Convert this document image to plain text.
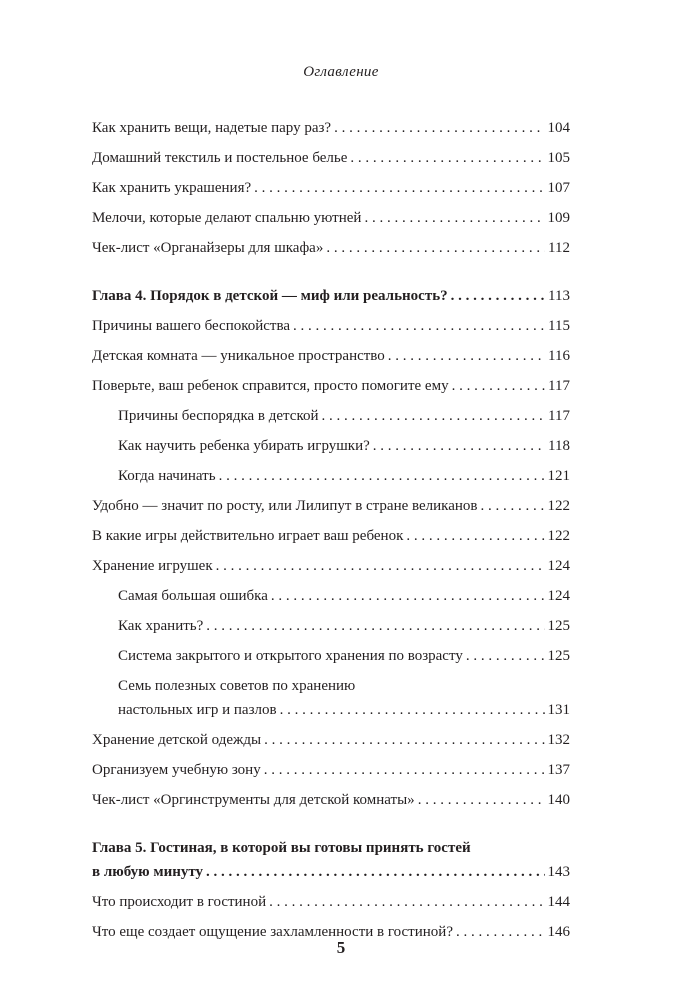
Оглавление
Как хранить вещи, надетые пару раз? . . .	104
Домашний текстиль и постельное белье . . .	105
Как хранить украшения? . . .	107
Мелочи, которые делают спальню уютней . . .	109
Чек-лист «Органайзеры для шкафа» . . .	112
Глава 4. Порядок в детской — миф или реальность? . . .	113
Причины вашего беспокойства . . .	115
Детская комната — уникальное пространство . . .	116
Поверьте, ваш ребенок справится, просто помогите ему . . .	117
Причины беспорядка в детской . . .	117
Как научить ребенка убирать игрушки? . . .	118
Когда начинать . . .	121
Удобно — значит по росту, или Лилипут в стране великанов . . .	122
В какие игры действительно играет ваш ребенок . . .	122
Хранение игрушек . . .	124
Самая большая ошибка . . .	124
Как хранить? . . .	125
Система закрытого и открытого хранения по возрасту . . .	125
Семь полезных советов по хранению
настольных игр и пазлов . . .	131
Хранение детской одежды . . .	132
Организуем учебную зону . . .	137
Чек-лист «Оргинструменты для детской комнаты» . . .	140
Глава 5. Гостиная, в которой вы готовы принять гостей
в любую минуту . . .	143
Что происходит в гостиной . . .	144
Что еще создает ощущение захламленности в гостиной? . . .	146
5
